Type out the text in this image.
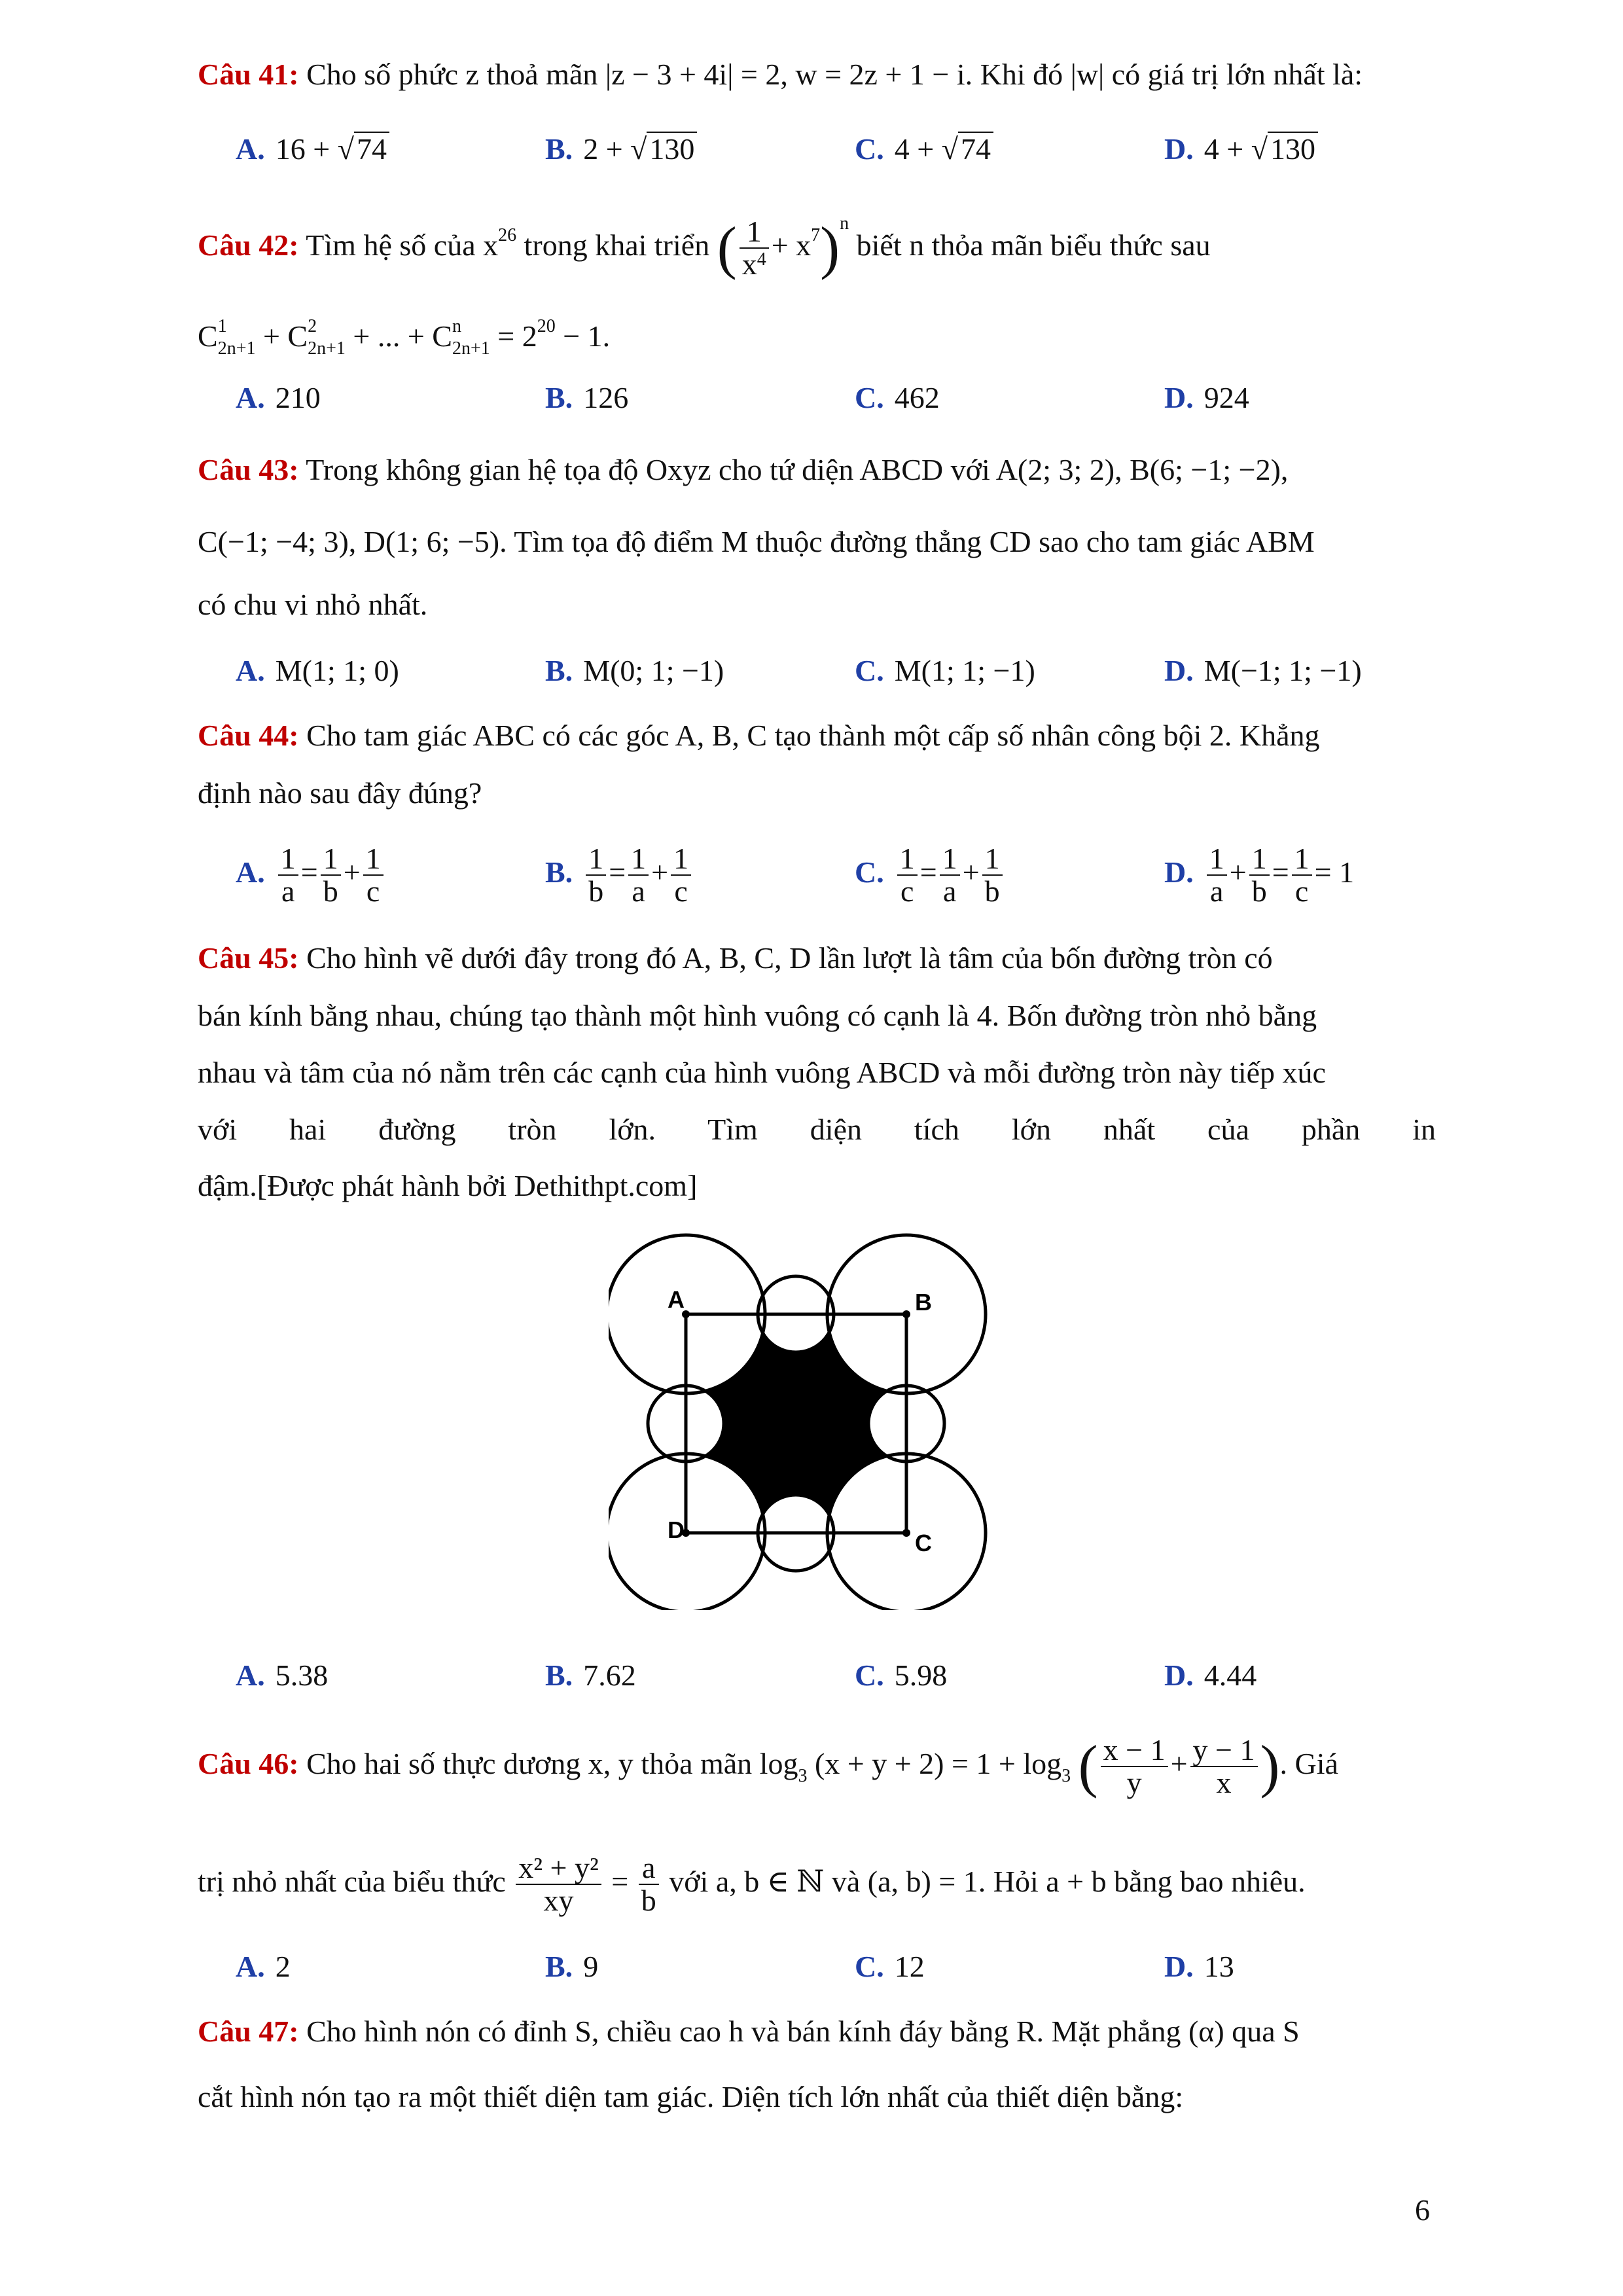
Câu 41: Cho số phức z thoả mãn |z − 3 + 4i| = 2, w = 2z + 1 − i. Khi đó |w| có giá trị lớn nhất là:
A. 16 + √74	B. 2 + √130	C. 4 + √74	D. 4 + √130
Câu 42: Tìm hệ số của $x^{26}$ trong khai triển ( $\frac{1}{x^4} + x^7)^n$ biết n thỏa mãn biểu thức sau
$C^1_{2n+1} + C^2_{2n+1}$ + ... + $C^n_{2n+1} = 2^{20} - 1$.
A. 210	B. 126	C. 462	D. 924
Câu 43: Trong không gian hệ tọa độ Oxyz cho tứ diện ABCD với A(2; 3; 2), B(6; −1; −2),
C(−1; −4; 3), D(1; 6; −5). Tìm tọa độ điểm M thuộc đường thẳng CD sao cho tam giác ABM
có chu vi nhỏ nhất.
A. M(1; 1; 0)	B. M(0; 1; −1)	C. M(1; 1; −1)	D. M(−1; 1; −1)
Câu 44: Cho tam giác ABC có các góc A, B, C tạo thành một cấp số nhân công bội 2. Khẳng
định nào sau đây đúng?
A. $\frac{1}{a} = \frac{1}{b} + \frac{1}{c}$	B. $\frac{1}{b} = \frac{1}{a} + \frac{1}{c}$	C. $\frac{1}{c} = \frac{1}{a} + \frac{1}{b}$	D. $\frac{1}{a} + \frac{1}{b} = \frac{1}{c} = 1$
Câu 45: Cho hình vẽ dưới đây trong đó A, B, C, D lần lượt là tâm của bốn đường tròn có
bán kính bằng nhau, chúng tạo thành một hình vuông có cạnh là 4. Bốn đường tròn nhỏ bằng
nhau và tâm của nó nằm trên các cạnh của hình vuông ABCD và mỗi đường tròn này tiếp xúc
với hai đường tròn lớn. Tìm diện tích lớn nhất của phần in
đậm.[Được phát hành bởi Dethithpt.com]
A	B
D	C
A. 5.38	B. 7.62	C. 5.98	D. 4.44
Câu 46: Cho hai số thực dương x, y thỏa mãn $\log_3 (x + y + 2) = 1 + \log_3$ ( $\frac{x - 1}{y} + \frac{y - 1}{x}$ ). Giá
trị nhỏ nhất của biểu thức $\frac{\text{x² + y²}}{xy} = \frac{a}{b}$ với a, b ∈ ℕ và (a, b) = 1. Hỏi a + b bằng bao nhiêu.
A. 2	B. 9	C. 12	D. 13
Câu 47: Cho hình nón có đỉnh S, chiều cao h và bán kính đáy bằng R. Mặt phẳng (α) qua S
cắt hình nón tạo ra một thiết diện tam giác. Diện tích lớn nhất của thiết diện bằng:
6
